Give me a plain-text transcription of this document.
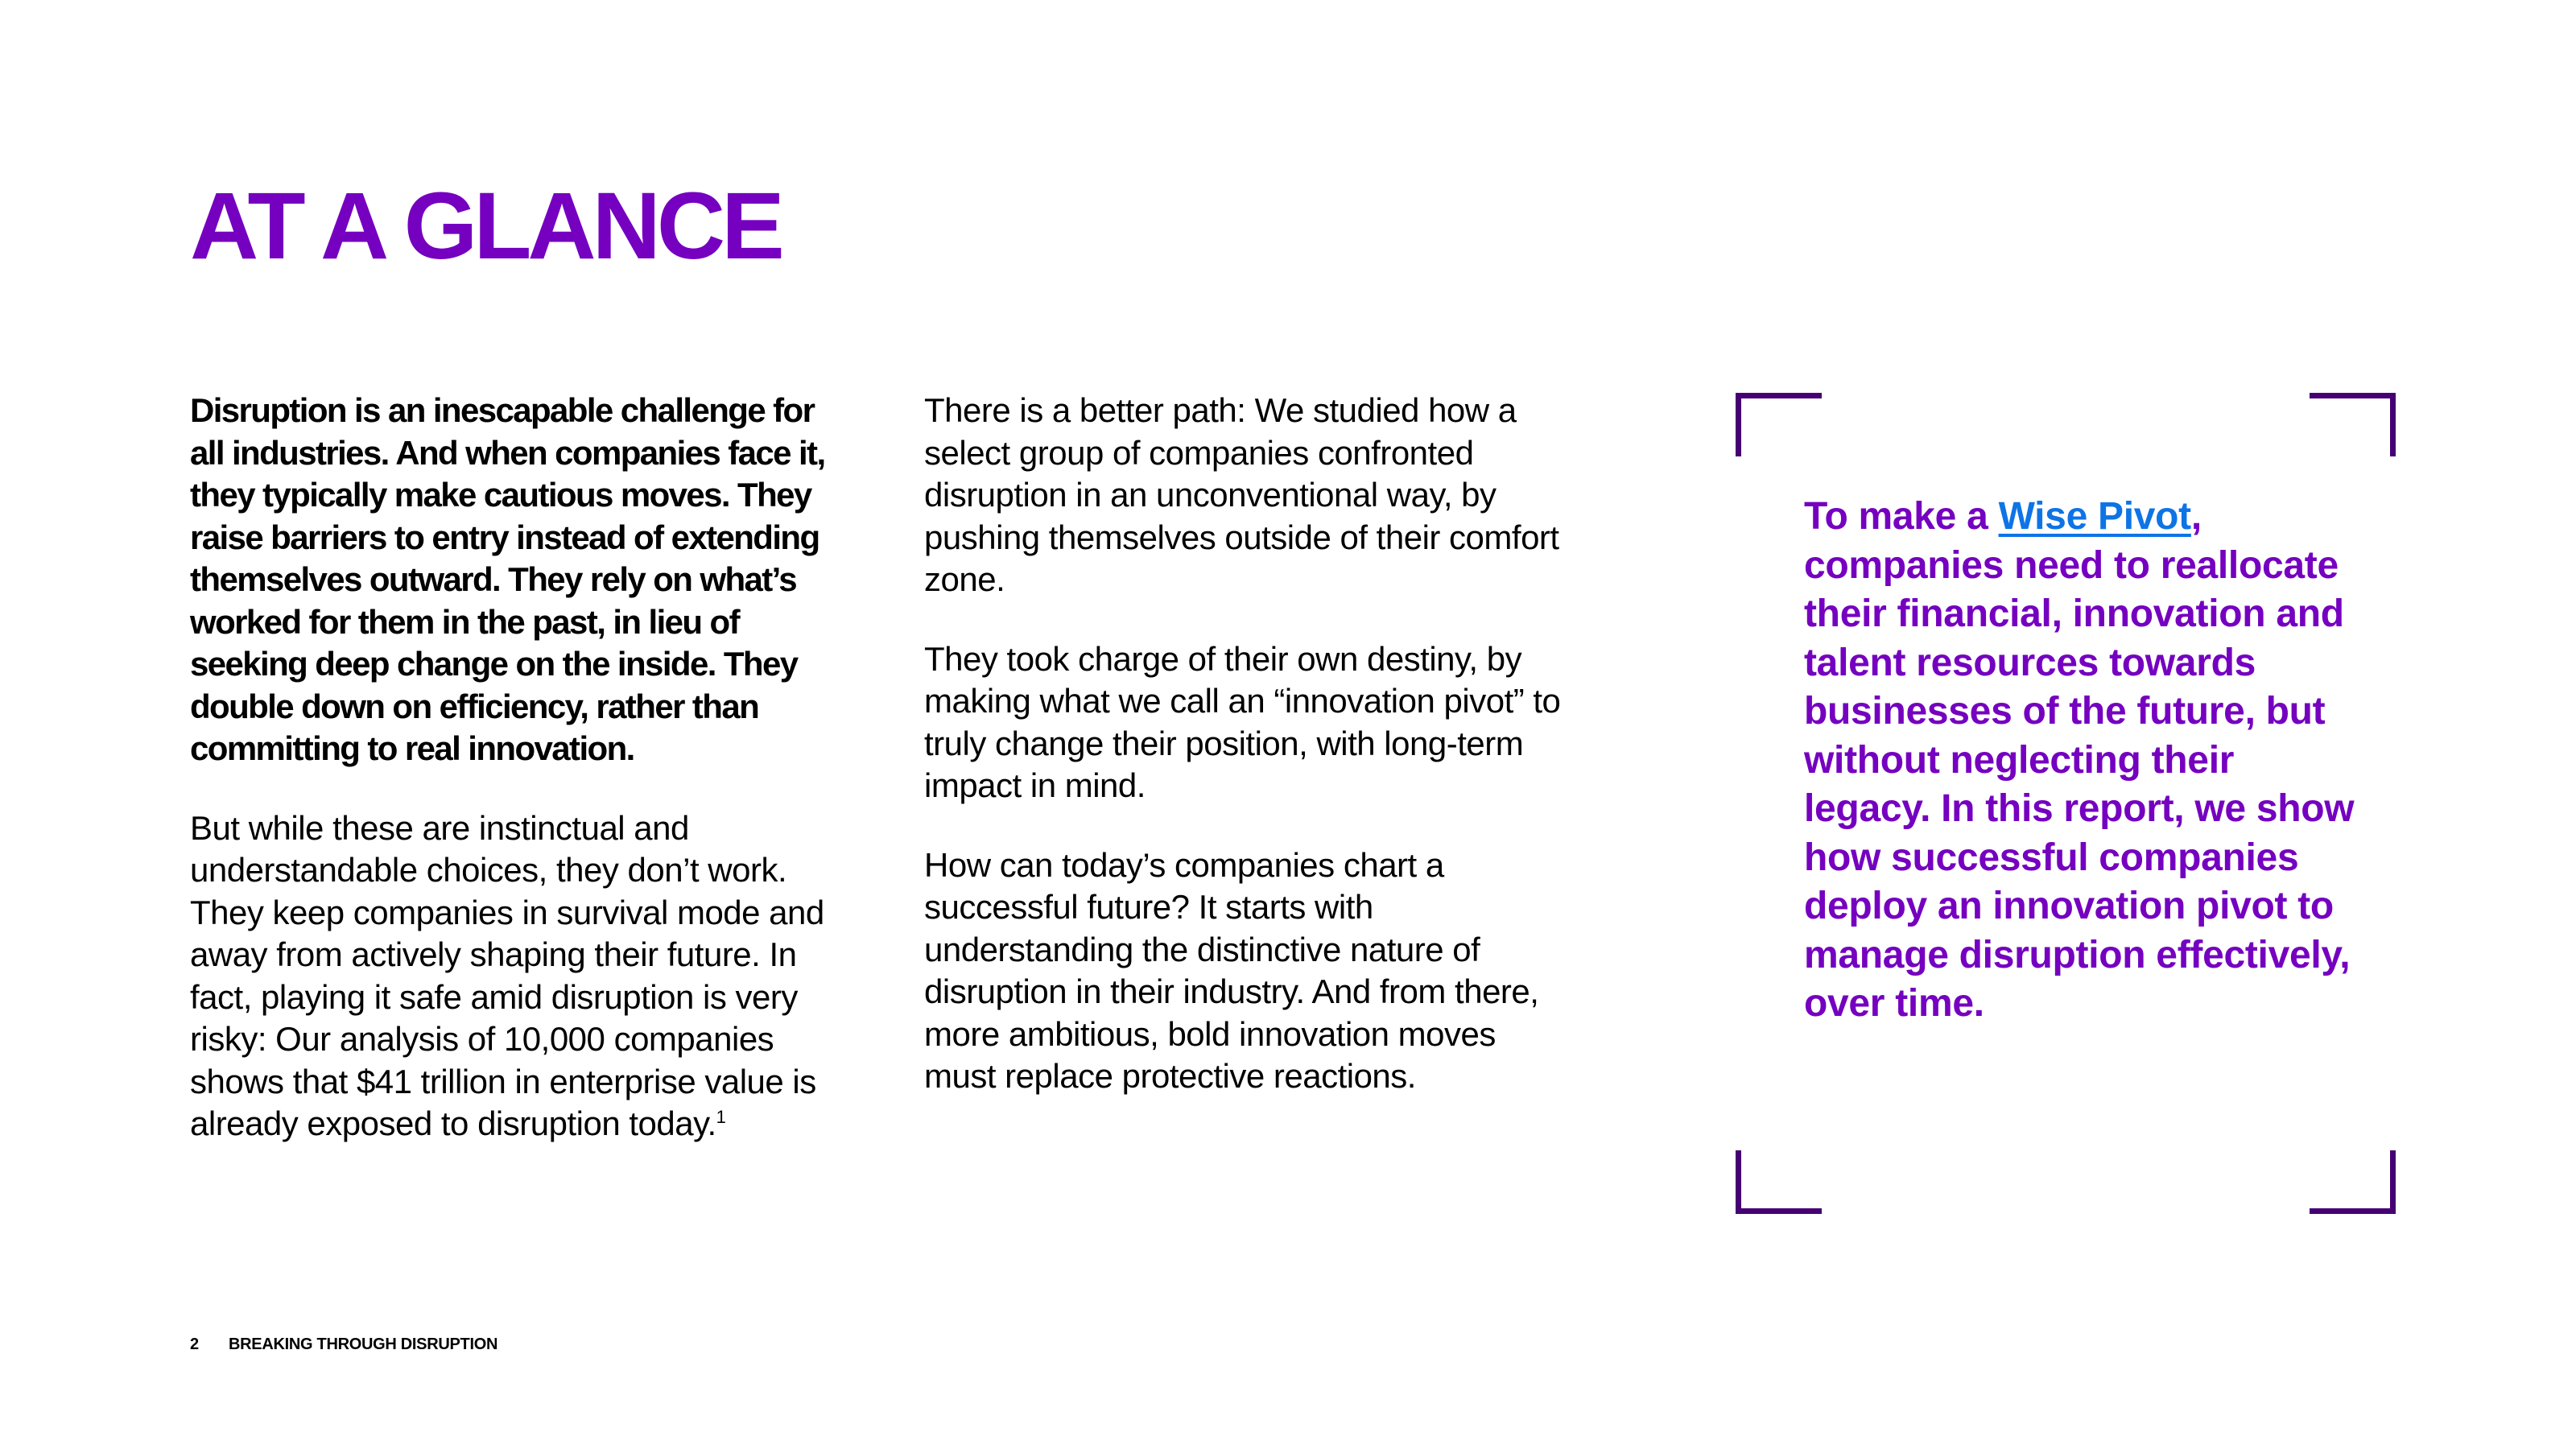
AT A GLANCE

Disruption is an inescapable challenge for all industries. And when companies face it, they typically make cautious moves. They raise barriers to entry instead of extending themselves outward. They rely on what’s worked for them in the past, in lieu of seeking deep change on the inside. They double down on efficiency, rather than committing to real innovation.

But while these are instinctual and understandable choices, they don’t work. They keep companies in survival mode and away from actively shaping their future. In fact, playing it safe amid disruption is very risky: Our analysis of 10,000 companies shows that $41 trillion in enterprise value is already exposed to disruption today.$^1$

There is a better path: We studied how a select group of companies confronted disruption in an unconventional way, by pushing themselves outside of their comfort zone.

They took charge of their own destiny, by making what we call an “innovation pivot” to truly change their position, with long-term impact in mind.

How can today’s companies chart a successful future? It starts with understanding the distinctive nature of disruption in their industry. And from there, more ambitious, bold innovation moves must replace protective reactions.

To make a Wise Pivot, companies need to reallocate their financial, innovation and talent resources towards businesses of the future, but without neglecting their legacy. In this report, we show how successful companies deploy an innovation pivot to manage disruption effectively, over time.

2 BREAKING THROUGH DISRUPTION
